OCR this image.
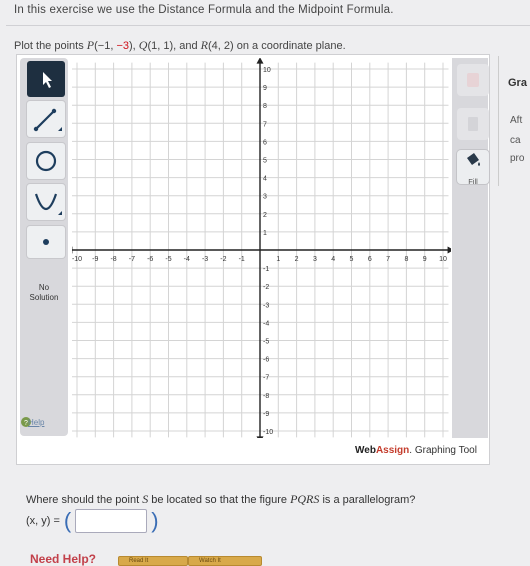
In this exercise we use the Distance Formula and the Midpoint Formula.
Plot the points P(−1, −3), Q(1, 1), and R(4, 2) on a coordinate plane.
No Solution
? Help
-10 -9 -8 -7 -6 -5 -4 -3 -2 -1	1 2 3 4 5 6 7 8 9 10
10
9
8
7
6
5
4
3
2
1
-1
-2
-3
-4
-5
-6
-7
-8
-9
-10
Fill
Gra
Aft
ca
pro
WebAssign. Graphing Tool
Where should the point S be located so that the figure PQRS is a parallelogram?
(x, y) = (	)
Need Help?	Read It	Watch It
